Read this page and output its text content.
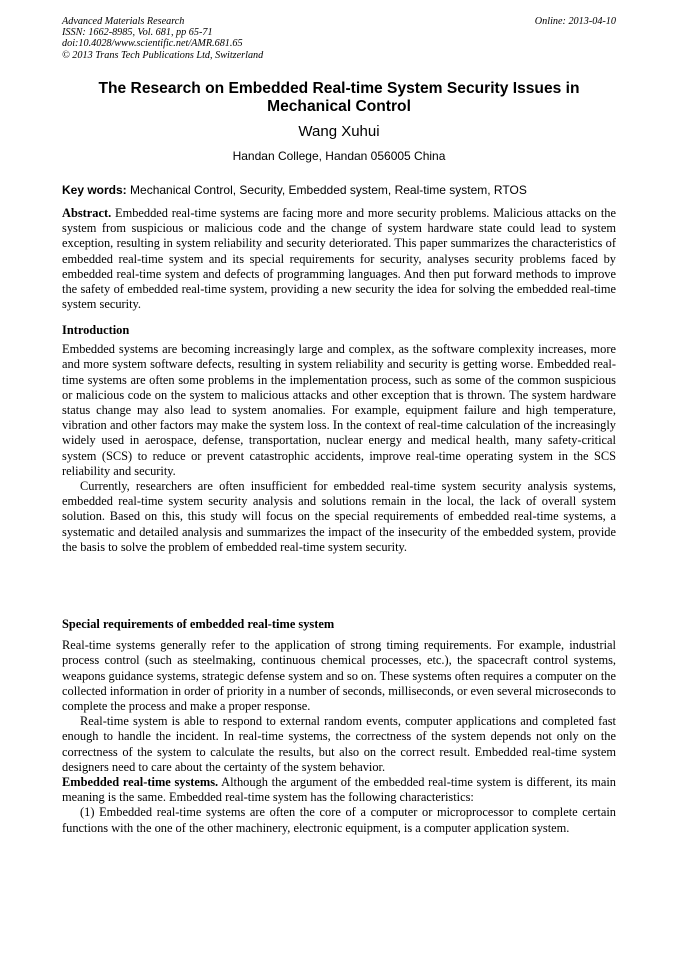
Advanced Materials Research
ISSN: 1662-8985, Vol. 681, pp 65-71
doi:10.4028/www.scientific.net/AMR.681.65
© 2013 Trans Tech Publications Ltd, Switzerland
Online: 2013-04-10
The Research on Embedded Real-time System Security Issues in Mechanical Control
Wang Xuhui
Handan College, Handan 056005 China
Key words: Mechanical Control, Security, Embedded system, Real-time system, RTOS

Abstract. Embedded real-time systems are facing more and more security problems. Malicious attacks on the system from suspicious or malicious code and the change of system hardware state could lead to system exception, resulting in system reliability and security deteriorated. This paper summarizes the characteristics of embedded real-time system and its special requirements for security, analyses security problems faced by embedded real-time system and defects of programming languages. And then put forward methods to improve the safety of embedded real-time system, providing a new security the idea for solving the embedded real-time system security.

Introduction

Embedded systems are becoming increasingly large and complex, as the software complexity increases, more and more system software defects, resulting in system reliability and security is getting worse. Embedded real-time systems are often some problems in the implementation process, such as some of the common suspicious or malicious code on the system to malicious attacks and other exception that is thrown. The system hardware status change may also lead to system anomalies. For example, equipment failure and high temperature, vibration and other factors may make the system loss. In the context of real-time calculation of the increasingly widely used in aerospace, defense, transportation, nuclear energy and medical health, many safety-critical system (SCS) to reduce or prevent catastrophic accidents, improve real-time operating system in the SCS reliability and security.

Currently, researchers are often insufficient for embedded real-time system security analysis systems, embedded real-time system security analysis and solutions remain in the local, the lack of overall system solution. Based on this, this study will focus on the special requirements of embedded real-time systems, a systematic and detailed analysis and summarizes the impact of the insecurity of the embedded system, provide the basis to solve the problem of embedded real-time system security.

Special requirements of embedded real-time system

Real-time systems generally refer to the application of strong timing requirements. For example, industrial process control (such as steelmaking, continuous chemical processes, etc.), the spacecraft control systems, weapons guidance systems, strategic defense system and so on. These systems often requires a computer on the collected information in order of priority in a number of seconds, milliseconds, or even several microseconds to complete the process and make a proper response.

Real-time system is able to respond to external random events, computer applications and completed fast enough to handle the incident. In real-time systems, the correctness of the system depends not only on the correctness of the system to calculate the results, but also on the correct result. Embedded real-time system designers need to care about the certainty of the system behavior.

Embedded real-time systems. Although the argument of the embedded real-time system is different, its main meaning is the same. Embedded real-time system has the following characteristics:

(1) Embedded real-time systems are often the core of a computer or microprocessor to complete certain functions with the one of the other machinery, electronic equipment, is a computer application system.
